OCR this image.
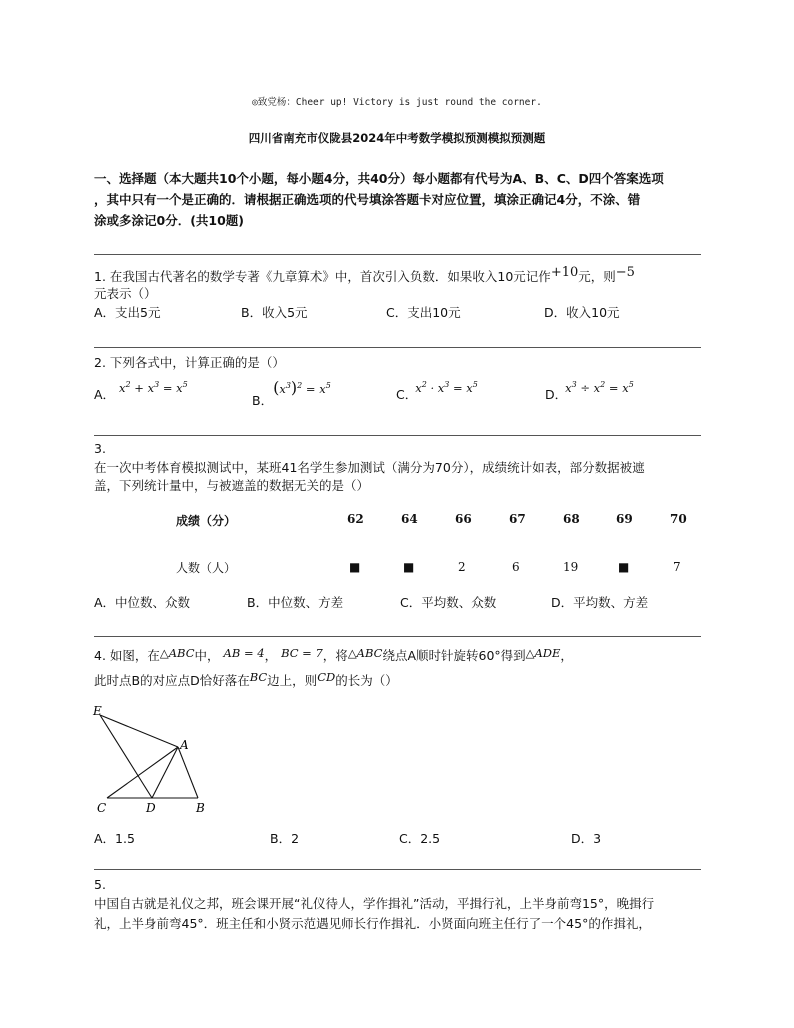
◎致党杨：Cheer up! Victory is just round the corner.
四川省南充市仪陇县2024年中考数学模拟预测模拟预测题
一、选择题（本大题共10个小题，每小题4分，共40分）每小题都有代号为A、B、C、D四个答案选项
，其中只有一个是正确的．请根据正确选项的代号填涂答题卡对应位置，填涂正确记4分，不涂、错
涂或多涂记0分．(共10题)
1. 在我国古代著名的数学专著《九章算术》中，首次引入负数．如果收入10元记作$^{+10}$元，则$^{-5}$
元表示（）
A．支出5元	B．收入5元	C．支出10元	D．收入10元
2. 下列各式中，计算正确的是（）
A． $x^2 + x^3 = x^5$
B． $(x^3)^2 = x^5$
C． $x^2 \cdot x^3 = x^5$
D． $x^3 \div x^2 = x^5$
3.
在一次中考体育模拟测试中，某班41名学生参加测试（满分为70分），成绩统计如表，部分数据被遮
盖，下列统计量中，与被遮盖的数据无关的是（）
成绩（分）	62	64	66	67	68	69	70
人数（人）	■	■	2	6	19	■	7
A．中位数、众数	B．中位数、方差	C．平均数、众数	D．平均数、方差
4. 如图，在△ABC中， AB = 4， BC = 7，将△ABC绕点A顺时针旋转60°得到△ADE，
此时点B的对应点D恰好落在BC边上，则CD的长为（）
E
A
C	D	B
A．1.5	B．2	C．2.5	D．3
5.
中国自古就是礼仪之邦，班会课开展“礼仪待人，学作揖礼”活动，平揖行礼，上半身前弯15°，晚揖行
礼，上半身前弯45°．班主任和小贤示范遇见师长行作揖礼．小贤面向班主任行了一个45°的作揖礼，
